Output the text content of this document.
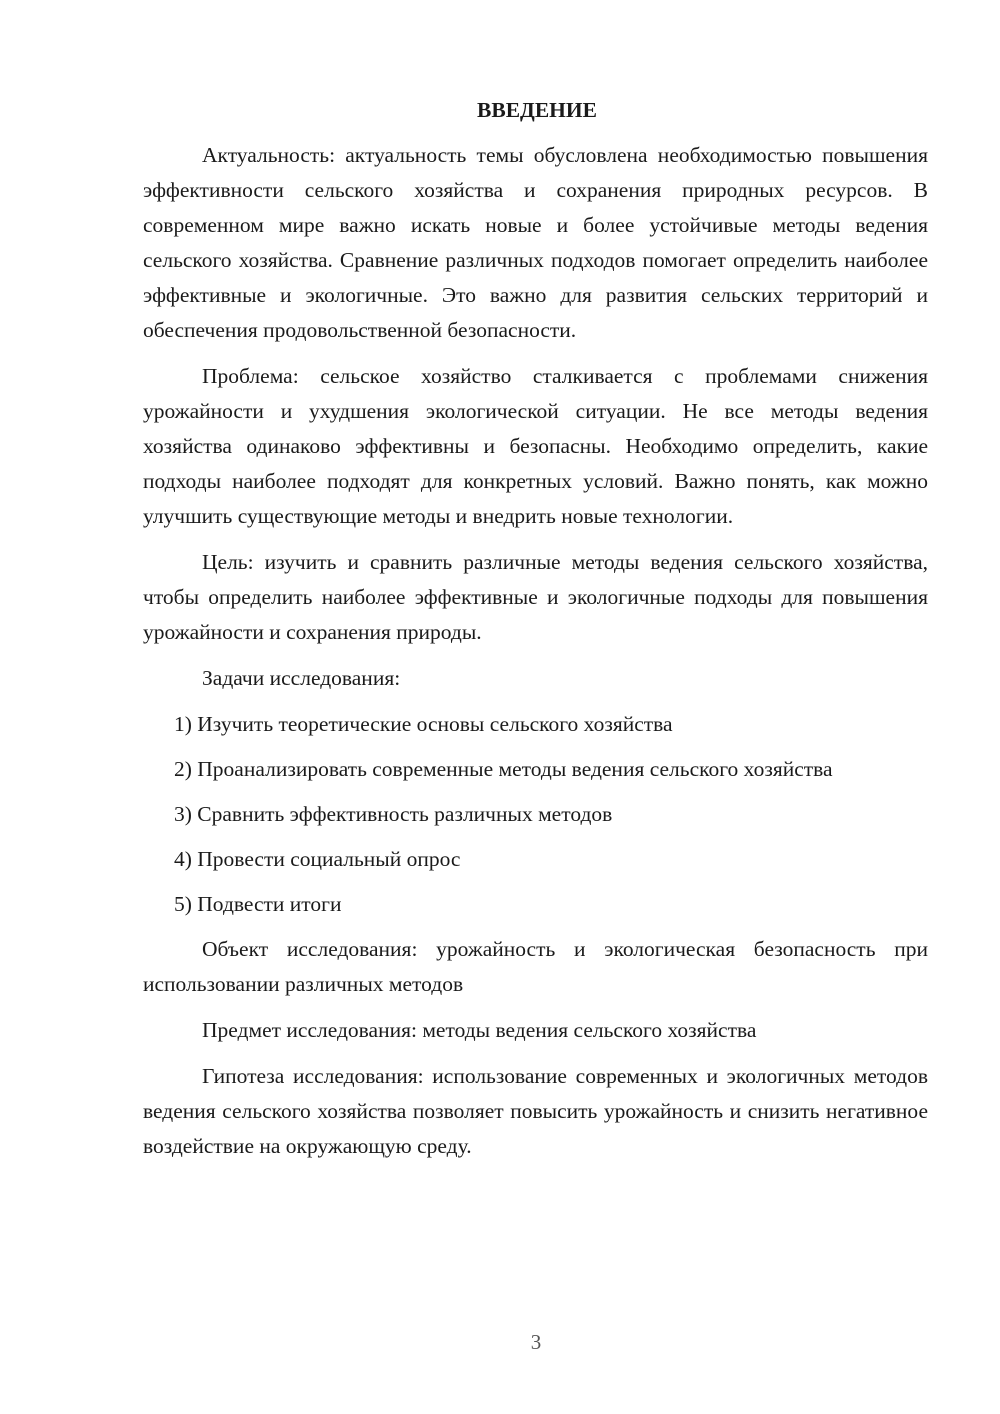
ВВЕДЕНИЕ

Актуальность: актуальность темы обусловлена необходимостью повышения эффективности сельского хозяйства и сохранения природных ресурсов. В современном мире важно искать новые и более устойчивые методы ведения сельского хозяйства. Сравнение различных подходов помогает определить наиболее эффективные и экологичные. Это важно для развития сельских территорий и обеспечения продовольственной безопасности.

Проблема: сельское хозяйство сталкивается с проблемами снижения урожайности и ухудшения экологической ситуации. Не все методы ведения хозяйства одинаково эффективны и безопасны. Необходимо определить, какие подходы наиболее подходят для конкретных условий. Важно понять, как можно улучшить существующие методы и внедрить новые технологии.

Цель: изучить и сравнить различные методы ведения сельского хозяйства, чтобы определить наиболее эффективные и экологичные подходы для повышения урожайности и сохранения природы.

Задачи исследования:

1) Изучить теоретические основы сельского хозяйства

2) Проанализировать современные методы ведения сельского хозяйства

3) Сравнить эффективность различных методов

4) Провести социальный опрос

5) Подвести итоги

Объект исследования: урожайность и экологическая безопасность при использовании различных методов

Предмет исследования: методы ведения сельского хозяйства

Гипотеза исследования: использование современных и экологичных методов ведения сельского хозяйства позволяет повысить урожайность и снизить негативное воздействие на окружающую среду.

3
